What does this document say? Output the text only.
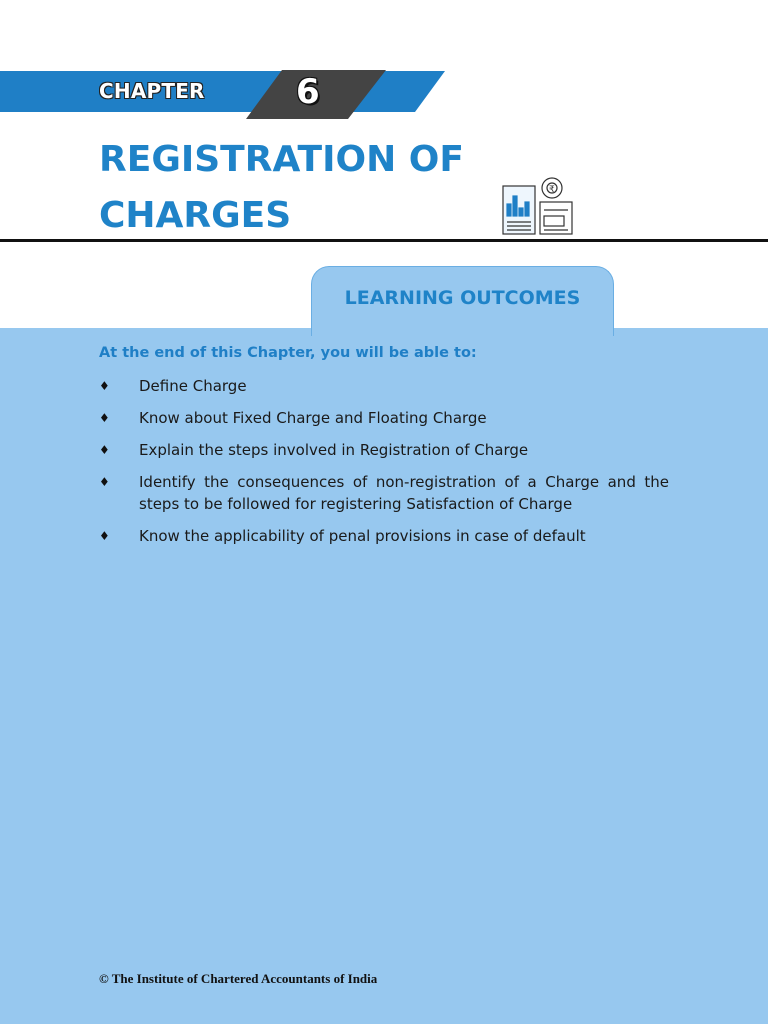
CHAPTER	6
REGISTRATION OF
CHARGES
₹
LEARNING OUTCOMES
At the end of this Chapter, you will be able to:
♦ Define Charge
♦ Know about Fixed Charge and Floating Charge
♦ Explain the steps involved in Registration of Charge
♦ Identify the consequences of non-registration of a Charge and the steps to be followed for registering Satisfaction of Charge
♦ Know the applicability of penal provisions in case of default
© The Institute of Chartered Accountants of India
